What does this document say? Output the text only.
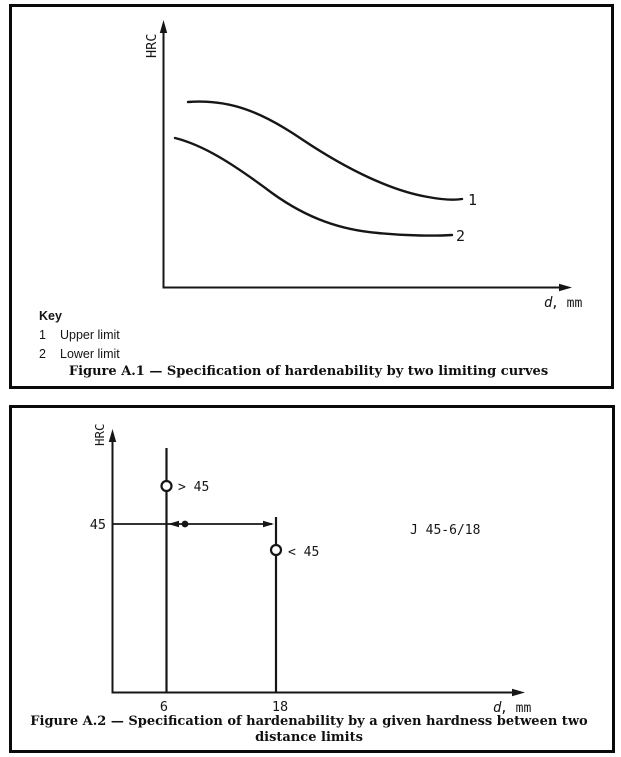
HRC
1
2
d
, mm
HRC
45
> 45
< 45
J 45-6/18
6	18	d
, mm
Key
1	Upper limit
2	Lower limit
Figure A.1 — Specification of hardenability by two limiting curves
Figure A.2 — Specification of hardenability by a given hardness between two
distance limits
